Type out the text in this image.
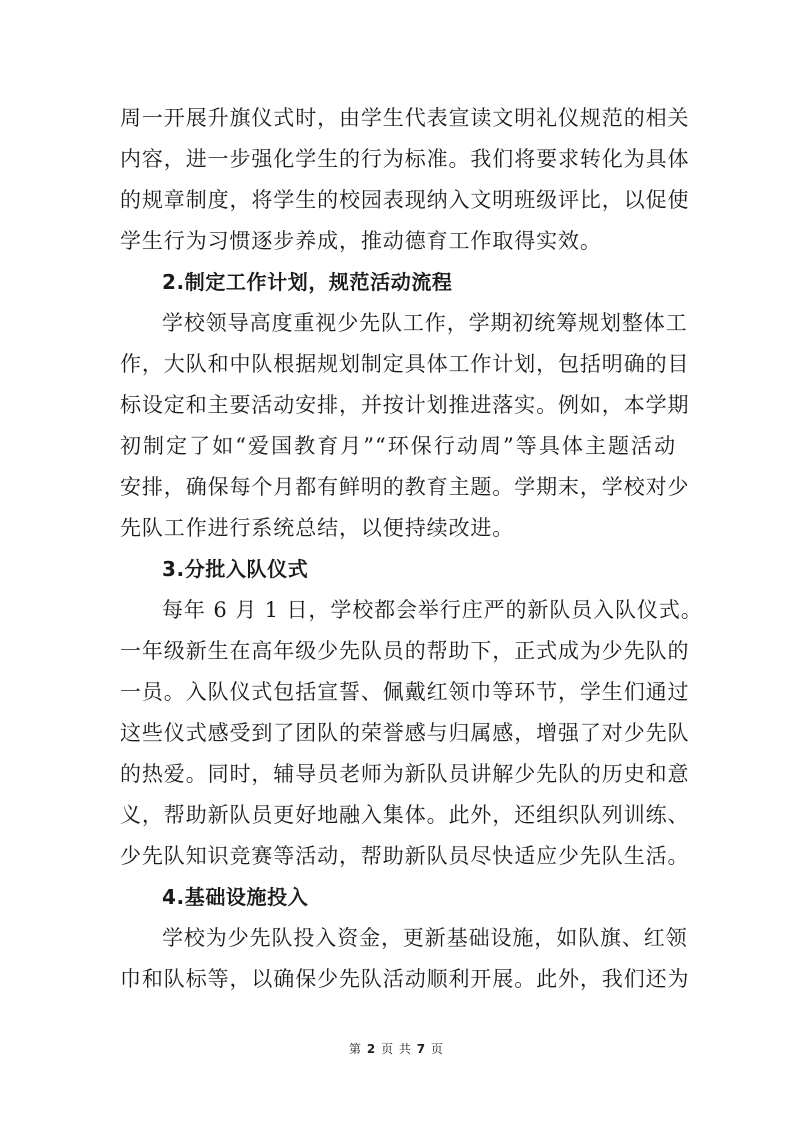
周一开展升旗仪式时，由学生代表宣读文明礼仪规范的相关
内容，进一步强化学生的行为标准。我们将要求转化为具体
的规章制度，将学生的校园表现纳入文明班级评比，以促使
学生行为习惯逐步养成，推动德育工作取得实效。
2.制定工作计划，规范活动流程
学校领导高度重视少先队工作，学期初统筹规划整体工
作，大队和中队根据规划制定具体工作计划，包括明确的目
标设定和主要活动安排，并按计划推进落实。例如，本学期
初制定了如“爱国教育月”“环保行动周”等具体主题活动
安排，确保每个月都有鲜明的教育主题。学期末，学校对少
先队工作进行系统总结，以便持续改进。
3.分批入队仪式
每年 6 月 1 日，学校都会举行庄严的新队员入队仪式。
一年级新生在高年级少先队员的帮助下，正式成为少先队的
一员。入队仪式包括宣誓、佩戴红领巾等环节，学生们通过
这些仪式感受到了团队的荣誉感与归属感，增强了对少先队
的热爱。同时，辅导员老师为新队员讲解少先队的历史和意
义，帮助新队员更好地融入集体。此外，还组织队列训练、
少先队知识竞赛等活动，帮助新队员尽快适应少先队生活。
4.基础设施投入
学校为少先队投入资金，更新基础设施，如队旗、红领
巾和队标等，以确保少先队活动顺利开展。此外，我们还为
第 2 页 共 7 页
